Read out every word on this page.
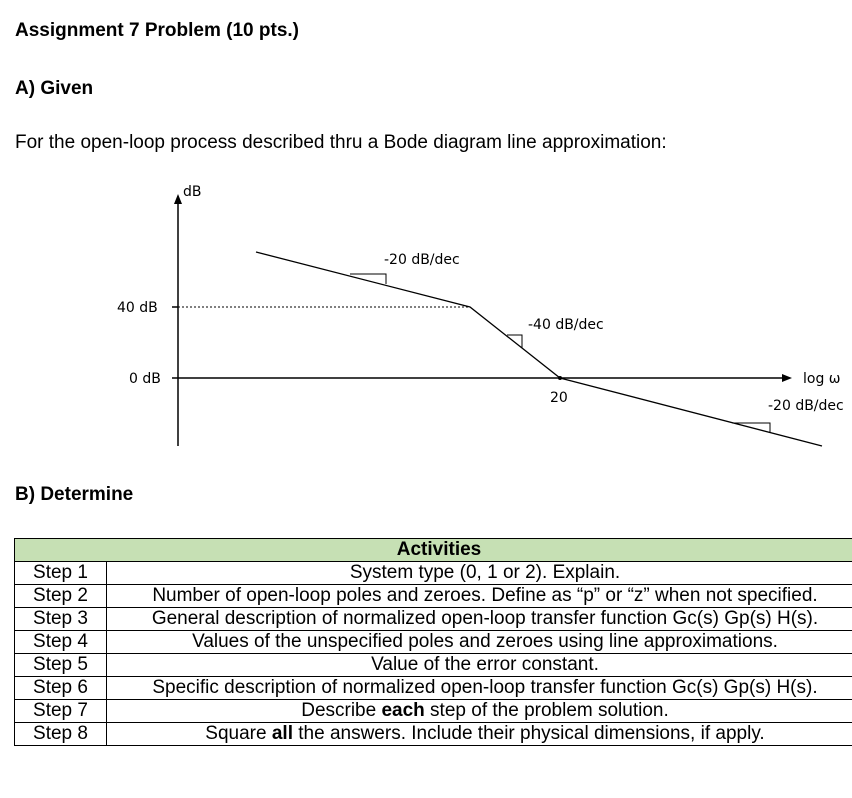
Assignment 7 Problem (10 pts.)
A) Given

For the open-loop process described thru a Bode diagram line approximation:

dB
log ω
40 dB
0 dB
20
-20 dB/dec
-40 dB/dec
-20 dB/dec
B) Determine
Activities	
Step 1	System type (0, 1 or 2). Explain.
Step 2	Number of open-loop poles and zeroes. Define as “p” or “z” when not specified.
Step 3	General description of normalized open-loop transfer function Gc(s) Gp(s) H(s).
Step 4	Values of the unspecified poles and zeroes using line approximations.
Step 5	Value of the error constant.
Step 6	Specific description of normalized open-loop transfer function Gc(s) Gp(s) H(s).
Step 7	Describe each step of the problem solution.
Step 8	Square all the answers. Include their physical dimensions, if apply.
